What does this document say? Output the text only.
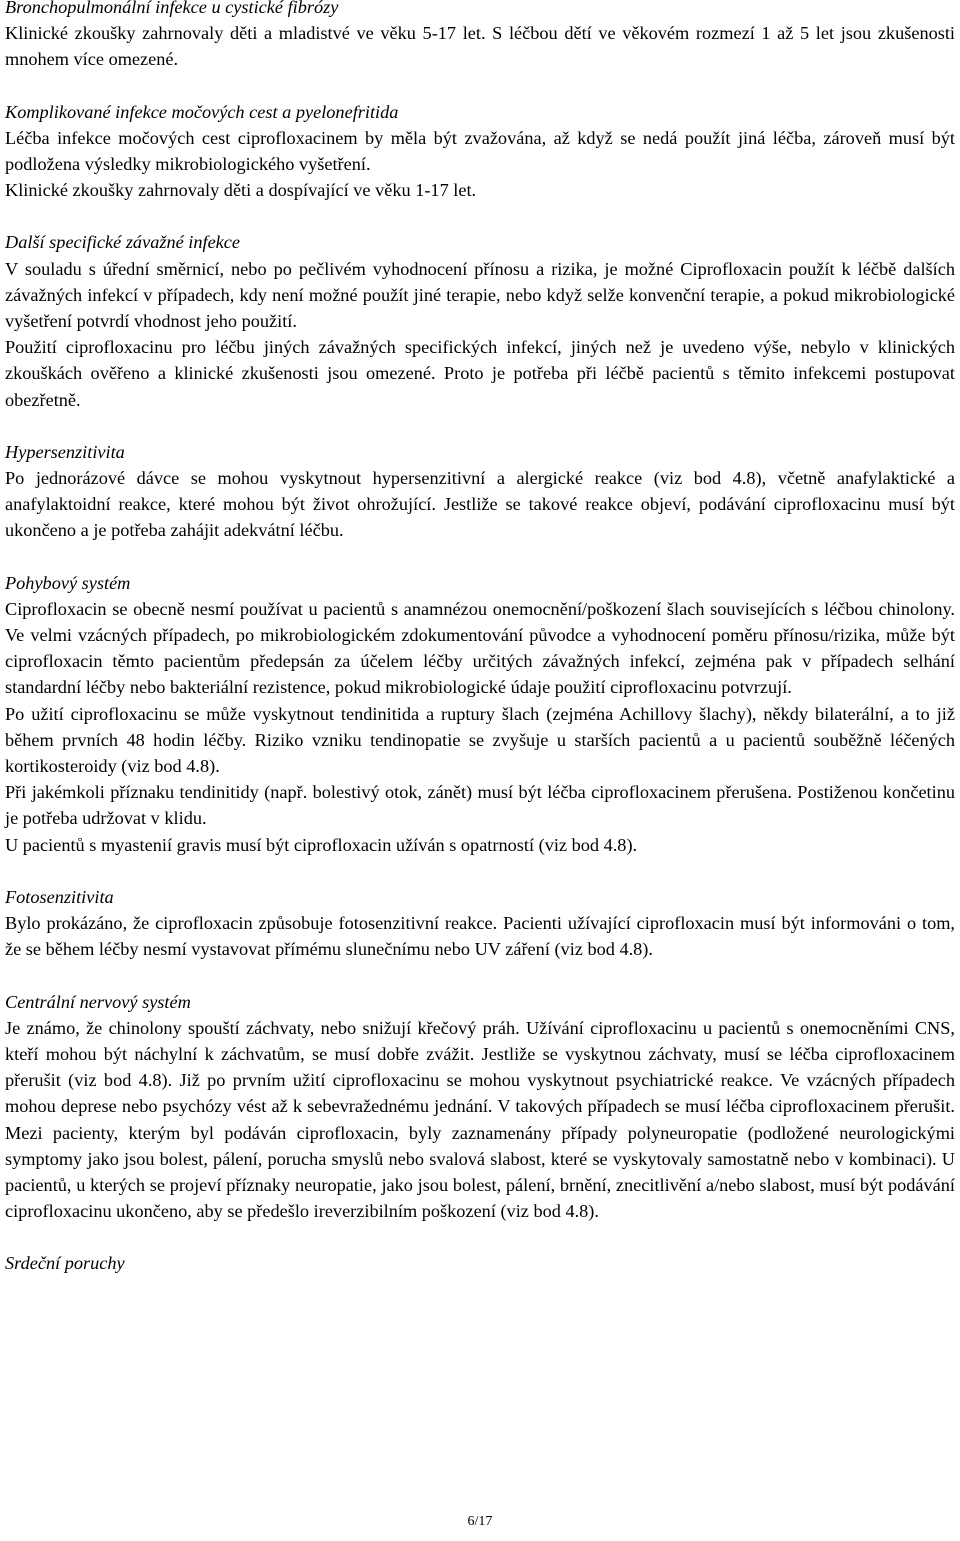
Bronchopulmonální infekce u cystické fibrózy

Klinické zkoušky zahrnovaly děti a mladistvé ve věku 5-17 let. S léčbou dětí ve věkovém rozmezí 1 až 5 let jsou zkušenosti mnohem více omezené.

Komplikované infekce močových cest a pyelonefritida

Léčba infekce močových cest ciprofloxacinem by měla být zvažována, až když se nedá použít jiná léčba, zároveň musí být podložena výsledky mikrobiologického vyšetření.

Klinické zkoušky zahrnovaly děti a dospívající ve věku 1-17 let.

Další specifické závažné infekce

V souladu s úřední směrnicí, nebo po pečlivém vyhodnocení přínosu a rizika, je možné Ciprofloxacin použít k léčbě dalších závažných infekcí v případech, kdy není možné použít jiné terapie, nebo když selže konvenční terapie, a pokud mikrobiologické vyšetření potvrdí vhodnost jeho použití.

Použití ciprofloxacinu pro léčbu jiných závažných specifických infekcí, jiných než je uvedeno výše, nebylo v klinických zkouškách ověřeno a klinické zkušenosti jsou omezené. Proto je potřeba při léčbě pacientů s těmito infekcemi postupovat obezřetně.

Hypersenzitivita

Po jednorázové dávce se mohou vyskytnout hypersenzitivní a alergické reakce (viz bod 4.8), včetně anafylaktické a anafylaktoidní reakce, které mohou být život ohrožující. Jestliže se takové reakce objeví, podávání ciprofloxacinu musí být ukončeno a je potřeba zahájit adekvátní léčbu.

Pohybový systém

Ciprofloxacin se obecně nesmí používat u pacientů s anamnézou onemocnění/poškození šlach souvisejících s léčbou chinolony. Ve velmi vzácných případech, po mikrobiologickém zdokumentování původce a vyhodnocení poměru přínosu/rizika, může být ciprofloxacin těmto pacientům předepsán za účelem léčby určitých závažných infekcí, zejména pak v případech selhání standardní léčby nebo bakteriální rezistence, pokud mikrobiologické údaje použití ciprofloxacinu potvrzují.

Po užití ciprofloxacinu se může vyskytnout tendinitida a ruptury šlach (zejména Achillovy šlachy), někdy bilaterální, a to již během prvních 48 hodin léčby. Riziko vzniku tendinopatie se zvyšuje u starších pacientů a u pacientů souběžně léčených kortikosteroidy (viz bod 4.8).

Při jakémkoli příznaku tendinitidy (např. bolestivý otok, zánět) musí být léčba ciprofloxacinem přerušena. Postiženou končetinu je potřeba udržovat v klidu.

U pacientů s myastenií gravis musí být ciprofloxacin užíván s opatrností (viz bod 4.8).

Fotosenzitivita

Bylo prokázáno, že ciprofloxacin způsobuje fotosenzitivní reakce. Pacienti užívající ciprofloxacin musí být informováni o tom, že se během léčby nesmí vystavovat přímému slunečnímu nebo UV záření (viz bod 4.8).

Centrální nervový systém

Je známo, že chinolony spouští záchvaty, nebo snižují křečový práh. Užívání ciprofloxacinu u pacientů s onemocněními CNS, kteří mohou být náchylní k záchvatům, se musí dobře zvážit. Jestliže se vyskytnou záchvaty, musí se léčba ciprofloxacinem přerušit (viz bod 4.8). Již po prvním užití ciprofloxacinu se mohou vyskytnout psychiatrické reakce. Ve vzácných případech mohou deprese nebo psychózy vést až k sebevražednému jednání. V takových případech se musí léčba ciprofloxacinem přerušit. Mezi pacienty, kterým byl podáván ciprofloxacin, byly zaznamenány případy polyneuropatie (podložené neurologickými symptomy jako jsou bolest, pálení, porucha smyslů nebo svalová slabost, které se vyskytovaly samostatně nebo v kombinaci). U pacientů, u kterých se projeví příznaky neuropatie, jako jsou bolest, pálení, brnění, znecitlivění a/nebo slabost, musí být podávání ciprofloxacinu ukončeno, aby se předešlo ireverzibilním poškození (viz bod 4.8).

Srdeční poruchy
6/17
